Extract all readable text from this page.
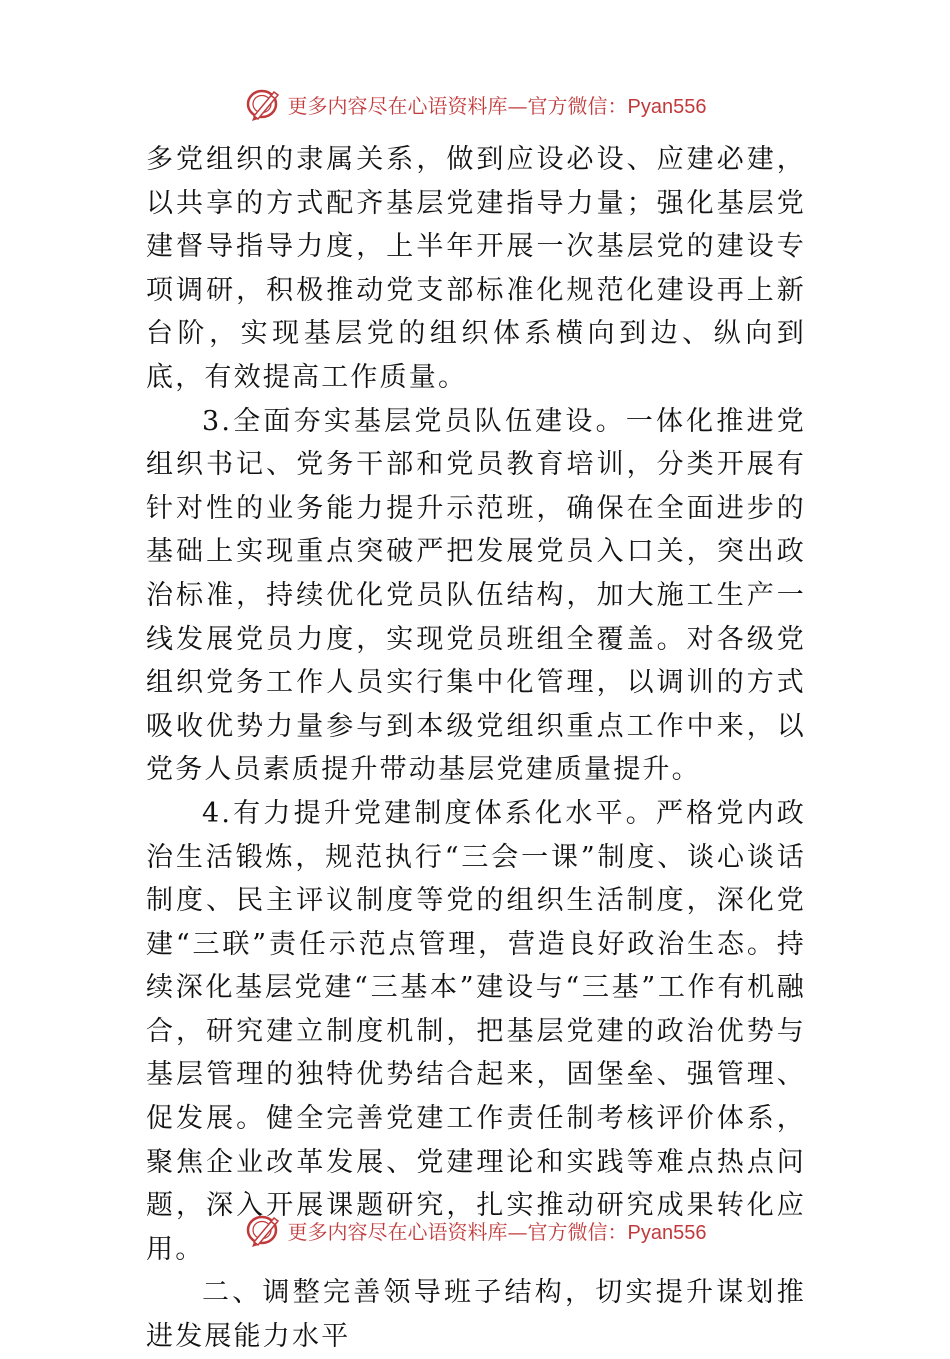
更多内容尽在心语资料库—官方微信：Pyan556

多党组织的隶属关系，做到应设必设、应建必建，以共享的方式配齐基层党建指导力量；强化基层党建督导指导力度，上半年开展一次基层党的建设专项调研，积极推动党支部标准化规范化建设再上新台阶，实现基层党的组织体系横向到边、纵向到底，有效提高工作质量。

3.全面夯实基层党员队伍建设。一体化推进党组织书记、党务干部和党员教育培训，分类开展有针对性的业务能力提升示范班，确保在全面进步的基础上实现重点突破严把发展党员入口关，突出政治标准，持续优化党员队伍结构，加大施工生产一线发展党员力度，实现党员班组全覆盖。对各级党组织党务工作人员实行集中化管理，以调训的方式吸收优势力量参与到本级党组织重点工作中来，以党务人员素质提升带动基层党建质量提升。

4.有力提升党建制度体系化水平。严格党内政治生活锻炼，规范执行“三会一课”制度、谈心谈话制度、民主评议制度等党的组织生活制度，深化党建“三联”责任示范点管理，营造良好政治生态。持续深化基层党建“三基本”建设与“三基”工作有机融合，研究建立制度机制，把基层党建的政治优势与基层管理的独特优势结合起来，固堡垒、强管理、促发展。健全完善党建工作责任制考核评价体系，聚焦企业改革发展、党建理论和实践等难点热点问题，深入开展课题研究，扎实推动研究成果转化应用。

二、调整完善领导班子结构，切实提升谋划推进发展能力水平

更多内容尽在心语资料库—官方微信：Pyan556
